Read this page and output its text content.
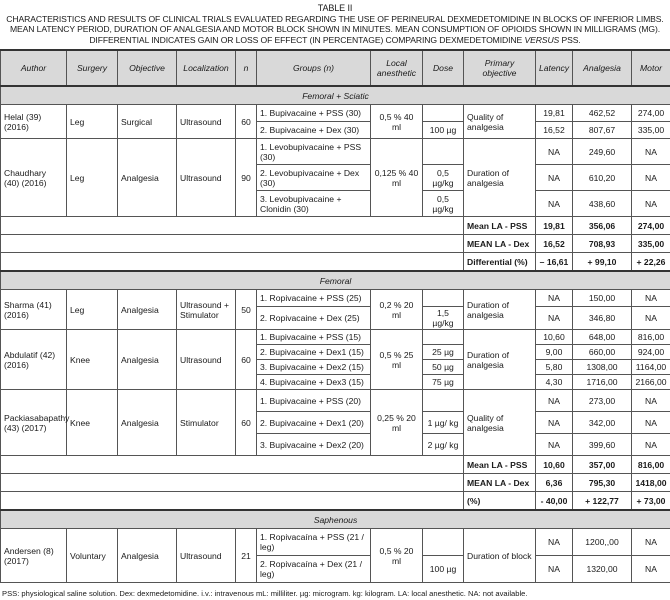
TABLE II
CHARACTERISTICS AND RESULTS OF CLINICAL TRIALS EVALUATED REGARDING THE USE OF PERINEURAL DEXMEDETOMIDINE IN BLOCKS OF INFERIOR LIMBS. MEAN LATENCY PERIOD, DURATION OF ANALGESIA AND MOTOR BLOCK SHOWN IN MINUTES. MEAN CONSUMPTION OF OPIOIDS SHOWN IN MILLIGRAMS (MG). DIFFERENTIAL INDICATES GAIN OR LOSS OF EFFECT (IN PERCENTAGE) COMPARING DEXMEDETOMIDINE VERSUS PSS.
Author	Surgery	Objective	Localization	n	Groups (n)	Local anesthetic	Dose	Primary objective	Latency	Analgesia	Motor
Femoral + Sciatic											
Helal (39) (2016)	Leg	Surgical	Ultrasound	60	1. Bupivacaine + PSS (30)	0,5 % 40 ml		Quality of analgesia	19,81	462,52	274,00
					2. Bupivacaine + Dex (30)		100 µg		16,52	807,67	335,00
Chaudhary (40) (2016)	Leg	Analgesia	Ultrasound	90	1. Levobupivacaine + PSS (30)	0,125 % 40 ml		Duration of analgesia	NA	249,60	NA
					2. Levobupivacaine + Dex (30)		0,5 µg/kg		NA	610,20	NA
					3. Levobupivacaine + Clonidin (30)		0,5 µg/kg		NA	438,60	NA
								Mean LA - PSS	19,81	356,06	274,00
								MEAN LA - Dex	16,52	708,93	335,00
								Differential (%)	– 16,61	+ 99,10	+ 22,26
Femoral											
Sharma (41) (2016)	Leg	Analgesia	Ultrasound + Stimulator	50	1. Ropivacaine + PSS (25)	0,2 % 20 ml		Duration of analgesia	NA	150,00	NA
					2. Ropivacaine + Dex (25)		1,5 µg/kg		NA	346,80	NA
Abdulatif (42) (2016)	Knee	Analgesia	Ultrasound	60	1. Bupivacaine + PSS (15)	0,5 % 25 ml		Duration of analgesia	10,60	648,00	816,00
					2. Bupivacaine + Dex1 (15)		25 µg		9,00	660,00	924,00
					3. Bupivacaine + Dex2 (15)		50 µg		5,80	1308,00	1164,00
					4. Bupivacaine + Dex3 (15)		75 µg		4,30	1716,00	2166,00
Packiasabapathy (43) (2017)	Knee	Analgesia	Stimulator	60	1. Bupivacaine + PSS (20)	0,25 % 20 ml		Quality of analgesia	NA	273,00	NA
					2. Bupivacaine + Dex1 (20)		1 µg/ kg		NA	342,00	NA
					3. Bupivacaine + Dex2 (20)		2 µg/ kg		NA	399,60	NA
								Mean LA - PSS	10,60	357,00	816,00
								MEAN LA - Dex	6,36	795,30	1418,00
								(%)	- 40,00	+ 122,77	+ 73,00
Saphenous											
Andersen (8) (2017)	Voluntary	Analgesia	Ultrasound	21	1. Ropivacaína + PSS (21 / leg)	0,5 % 20 ml		Duration of block	NA	1200,,00	NA
					2. Ropivacaína + Dex (21 / leg)		100 µg		NA	1320,00	NA
PSS: physiological saline solution. Dex: dexmedetomidine. i.v.: intravenous mL: milliliter. µg: microgram. kg: kilogram. LA: local anesthetic. NA: not available.
